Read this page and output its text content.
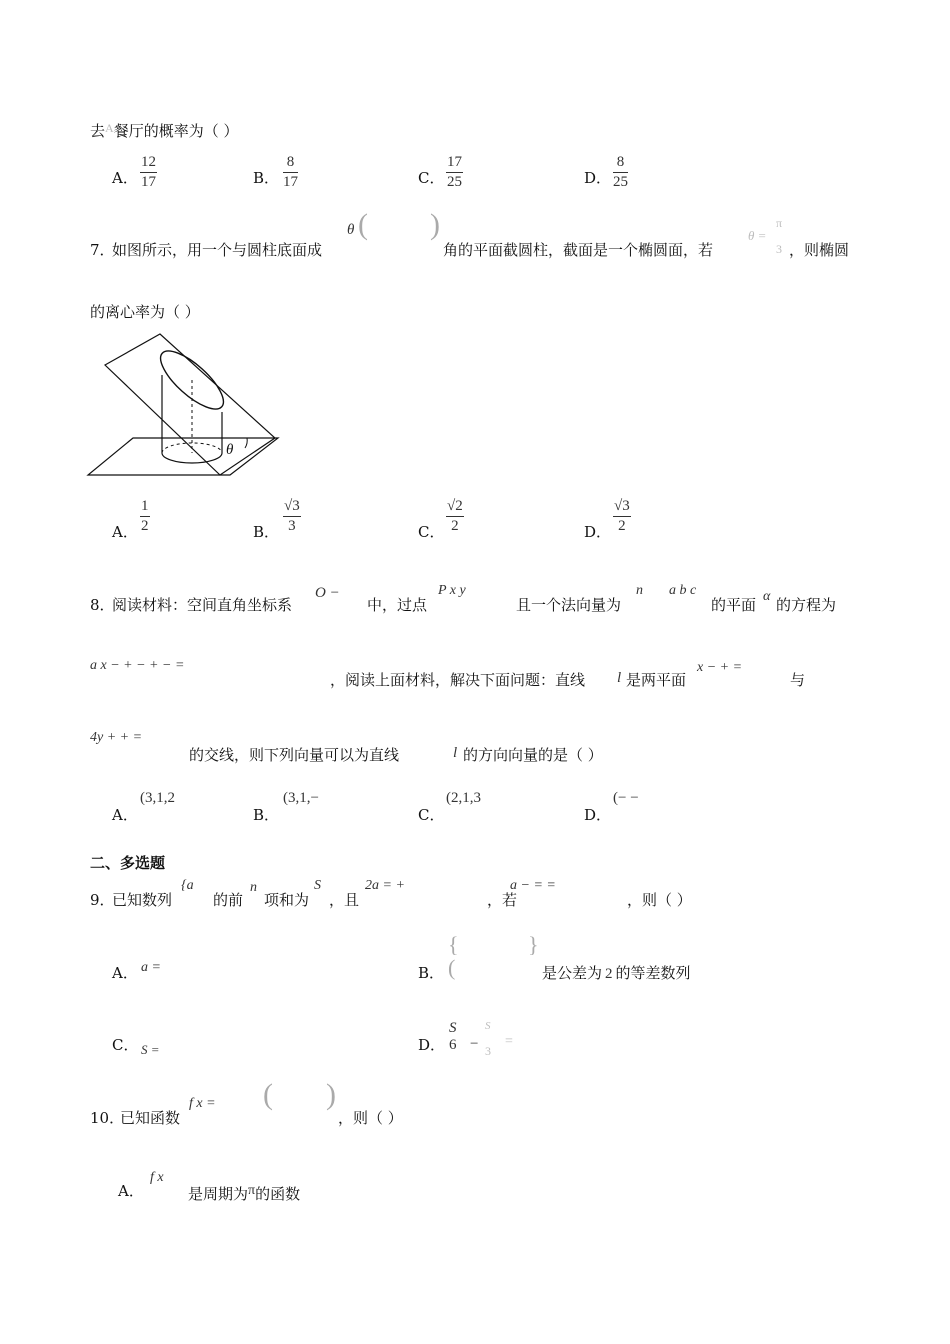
去$^A$餐厅的概率为（ ）
A．
12
17	B．
8
17	C．
17
25	D．
8
25
7．
如图所示，用一个与圆柱底面成
θ ( )
角的平面截圆柱，截面是一个椭圆面，若
θ =
π
3 ，则椭圆
的离心率为（ ）
θ
A．
1
2	B．
√3
3	C．
√2
2	D．
√3
2
8．
阅读材料：空间直角坐标系
O −
中，过点
P x y
且一个法向量为
n a b c
的平面 α 的方程为
a x − + − + − =
，阅读上面材料，解决下面问题：直线 l 是两平面
x − + =
与
4y + + =
的交线，则下列向量可以为直线	l 的方向向量的是（ ）
A．
(3,1,2
B．
(3,1,−
C．
(2,1,3
D．
(− −
二、多选题
9．
已知数列
{a
的前
n
项和为
S
，且
2a = +
，若
a − = =
，则（ ）
A． a =	B．
{	}
(	是公差为 2 的等差数列
C． S =	D．
S
6 −
S
3
=
10．
已知函数
f x = ( )
，则（ ）
A．
f x
是周期为π的函数
